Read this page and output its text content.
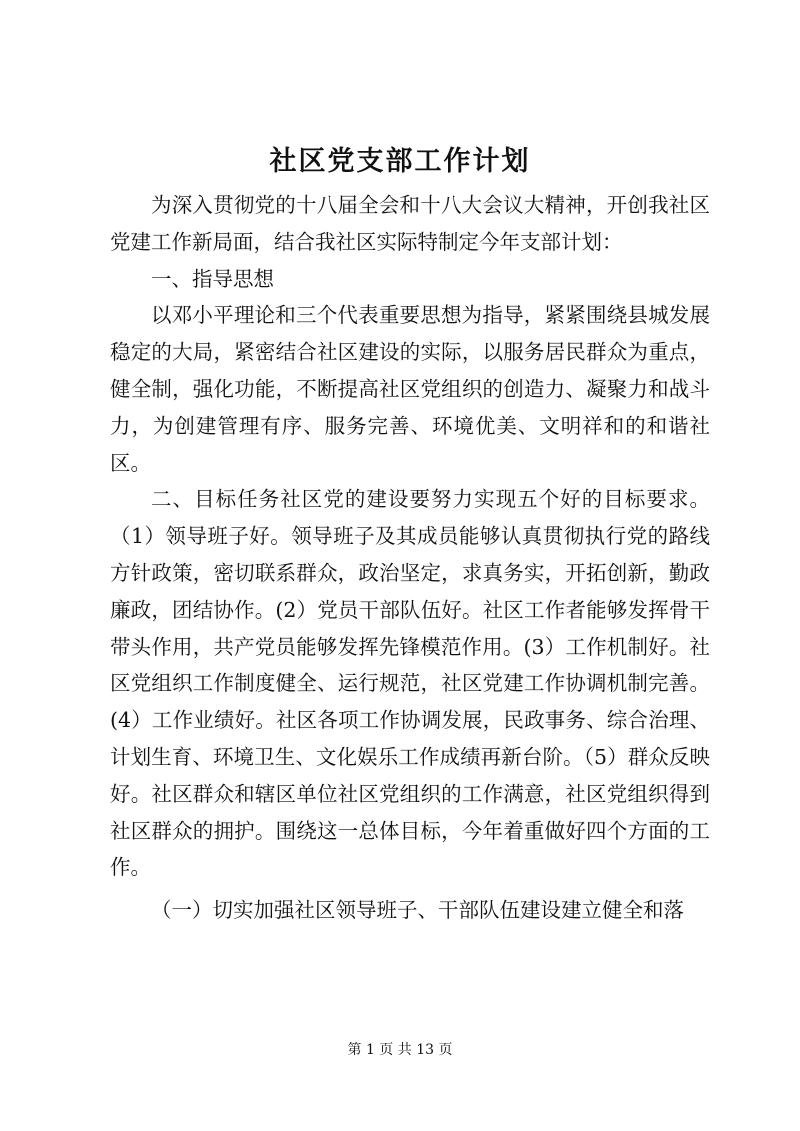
社区党支部工作计划

为深入贯彻党的十八届全会和十八大会议大精神，开创我社区党建工作新局面，结合我社区实际特制定今年支部计划：

一、指导思想

以邓小平理论和三个代表重要思想为指导，紧紧围绕县城发展稳定的大局，紧密结合社区建设的实际，以服务居民群众为重点，健全制，强化功能，不断提高社区党组织的创造力、凝聚力和战斗力，为创建管理有序、服务完善、环境优美、文明祥和的和谐社区。

二、目标任务社区党的建设要努力实现五个好的目标要求。（1）领导班子好。领导班子及其成员能够认真贯彻执行党的路线方针政策，密切联系群众，政治坚定，求真务实，开拓创新，勤政廉政，团结协作。(2）党员干部队伍好。社区工作者能够发挥骨干带头作用，共产党员能够发挥先锋模范作用。(3）工作机制好。社区党组织工作制度健全、运行规范，社区党建工作协调机制完善。(4）工作业绩好。社区各项工作协调发展，民政事务、综合治理、计划生育、环境卫生、文化娱乐工作成绩再新台阶。（5）群众反映好。社区群众和辖区单位社区党组织的工作满意，社区党组织得到社区群众的拥护。围绕这一总体目标，今年着重做好四个方面的工作。

（一）切实加强社区领导班子、干部队伍建设建立健全和落

第 1 页 共 13 页
